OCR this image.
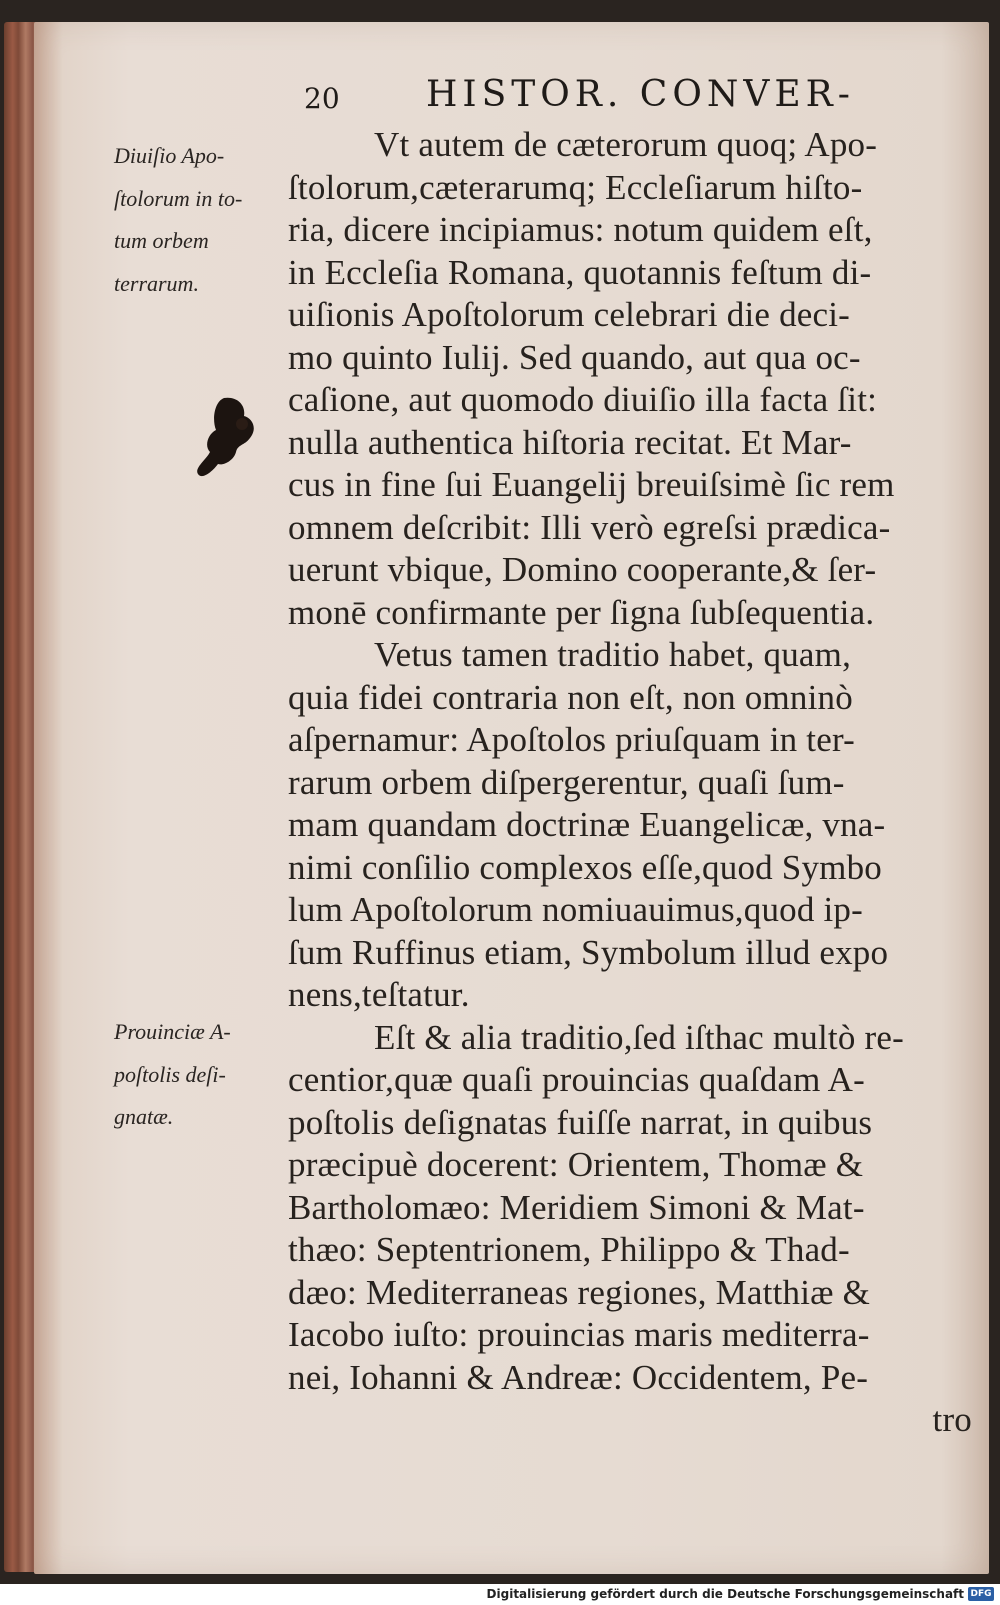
20 HISTOR. CONVER-
Diuiſio Apo-
ſtolorum in to-
tum orbem
terrarum.
Prouinciæ A-
poſtolis deſi-
gnatæ.
Vt autem de cæterorum quoq; Apo-
ſtolorum,cæterarumq; Eccleſiarum hiſto-
ria, dicere incipiamus: notum quidem eſt,
in Eccleſia Romana, quotannis feſtum di-
uiſionis Apoſtolorum celebrari die deci-
mo quinto Iulij. Sed quando, aut qua oc-
caſione, aut quomodo diuiſio illa facta ſit:
nulla authentica hiſtoria recitat. Et Mar-
cus in fine ſui Euangelij breuiſsimè ſic rem
omnem deſcribit: Illi verò egreſsi prædica-
uerunt vbique, Domino cooperante,& ſer-
monē confirmante per ſigna ſubſequentia.
Vetus tamen traditio habet, quam,
quia fidei contraria non eſt, non omninò
aſpernamur: Apoſtolos priuſquam in ter-
rarum orbem diſpergerentur, quaſi ſum-
mam quandam doctrinæ Euangelicæ, vna-
nimi conſilio complexos eſſe,quod Symbo
lum Apoſtolorum nomiuauimus,quod ip-
ſum Ruffinus etiam, Symbolum illud expo
nens,teſtatur.
Eſt & alia traditio,ſed iſthac multò re-
centior,quæ quaſi prouincias quaſdam A-
poſtolis deſignatas fuiſſe narrat, in quibus
præcipuè docerent: Orientem, Thomæ &
Bartholomæo: Meridiem Simoni & Mat-
thæo: Septentrionem, Philippo & Thad-
dæo: Mediterraneas regiones, Matthiæ &
Iacobo iuſto: prouincias maris mediterra-
nei, Iohanni & Andreæ: Occidentem, Pe-
tro
Digitalisierung gefördert durch die Deutsche Forschungsgemeinschaft DFG
